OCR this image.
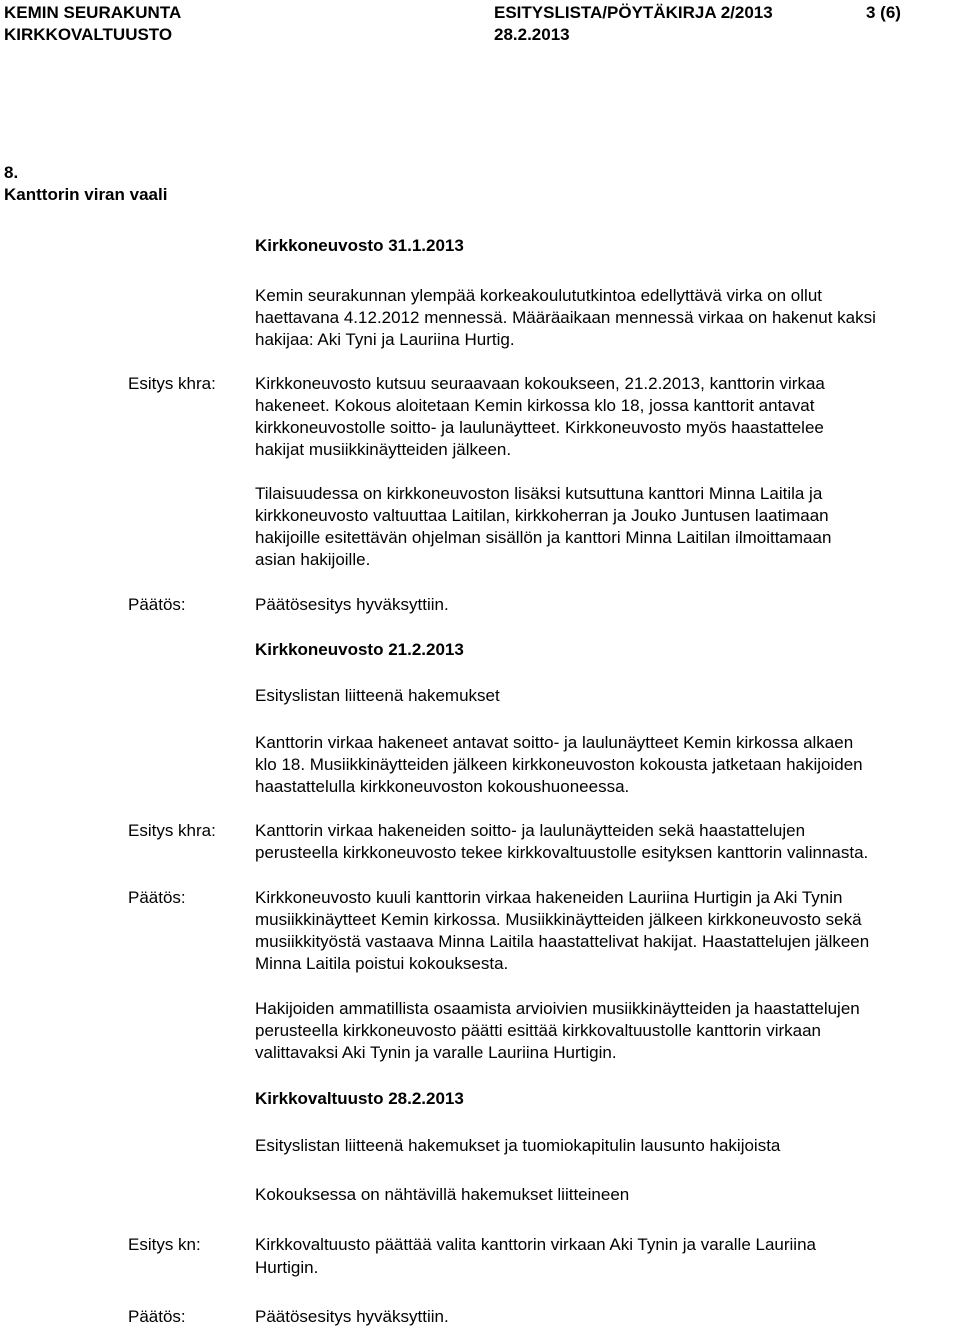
KEMIN SEURAKUNTA
KIRKKOVALTUUSTO
ESITYSLISTA/PÖYTÄKIRJA 2/2013
28.2.2013
3 (6)
8.
Kanttorin viran vaali
Kirkkoneuvosto 31.1.2013
Kemin seurakunnan ylempää korkeakoulututkintoa edellyttävä virka on ollut
haettavana 4.12.2012 mennessä. Määräaikaan mennessä virkaa on hakenut kaksi
hakijaa: Aki Tyni ja Lauriina Hurtig.
Esitys khra: Kirkkoneuvosto kutsuu seuraavaan kokoukseen, 21.2.2013, kanttorin virkaa
hakeneet. Kokous aloitetaan Kemin kirkossa klo 18, jossa kanttorit antavat
kirkkoneuvostolle soitto- ja laulunäytteet. Kirkkoneuvosto myös haastattelee
hakijat musiikkinäytteiden jälkeen.
Tilaisuudessa on kirkkoneuvoston lisäksi kutsuttuna kanttori Minna Laitila ja
kirkkoneuvosto valtuuttaa Laitilan, kirkkoherran ja Jouko Juntusen laatimaan
hakijoille esitettävän ohjelman sisällön ja kanttori Minna Laitilan ilmoittamaan
asian hakijoille.
Päätös:	Päätösesitys hyväksyttiin.
Kirkkoneuvosto 21.2.2013
Esityslistan liitteenä hakemukset
Kanttorin virkaa hakeneet antavat soitto- ja laulunäytteet Kemin kirkossa alkaen
klo 18. Musiikkinäytteiden jälkeen kirkkoneuvoston kokousta jatketaan hakijoiden
haastattelulla kirkkoneuvoston kokoushuoneessa.
Esitys khra: Kanttorin virkaa hakeneiden soitto- ja laulunäytteiden sekä haastattelujen
perusteella kirkkoneuvosto tekee kirkkovaltuustolle esityksen kanttorin valinnasta.
Päätös:	Kirkkoneuvosto kuuli kanttorin virkaa hakeneiden Lauriina Hurtigin ja Aki Tynin
musiikkinäytteet Kemin kirkossa. Musiikkinäytteiden jälkeen kirkkoneuvosto sekä
musiikkityöstä vastaava Minna Laitila haastattelivat hakijat. Haastattelujen jälkeen
Minna Laitila poistui kokouksesta.
Hakijoiden ammatillista osaamista arvioivien musiikkinäytteiden ja haastattelujen
perusteella kirkkoneuvosto päätti esittää kirkkovaltuustolle kanttorin virkaan
valittavaksi Aki Tynin ja varalle Lauriina Hurtigin.
Kirkkovaltuusto 28.2.2013
Esityslistan liitteenä hakemukset ja tuomiokapitulin lausunto hakijoista
Kokouksessa on nähtävillä hakemukset liitteineen
Esitys kn:	Kirkkovaltuusto päättää valita kanttorin virkaan Aki Tynin ja varalle Lauriina
Hurtigin.
Päätös:	Päätösesitys hyväksyttiin.
